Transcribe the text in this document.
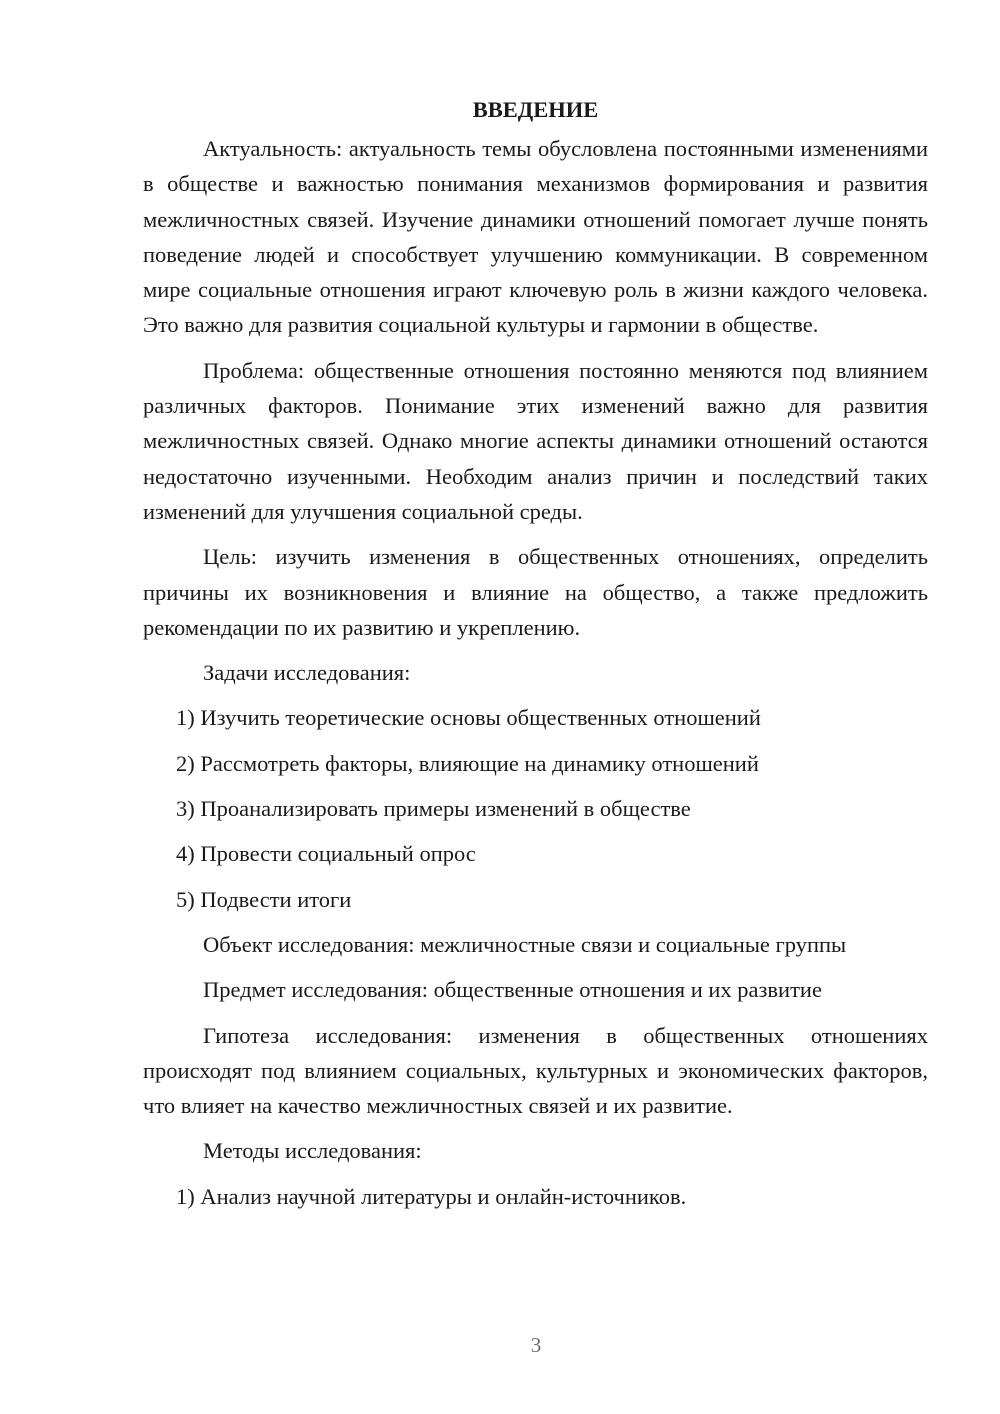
ВВЕДЕНИЕ
Актуальность: актуальность темы обусловлена постоянными изменениями в обществе и важностью понимания механизмов формирования и развития межличностных связей. Изучение динамики отношений помогает лучше понять поведение людей и способствует улучшению коммуникации. В современном мире социальные отношения играют ключевую роль в жизни каждого человека. Это важно для развития социальной культуры и гармонии в обществе.
Проблема: общественные отношения постоянно меняются под влиянием различных факторов. Понимание этих изменений важно для развития межличностных связей. Однако многие аспекты динамики отношений остаются недостаточно изученными. Необходим анализ причин и последствий таких изменений для улучшения социальной среды.
Цель: изучить изменения в общественных отношениях, определить причины их возникновения и влияние на общество, а также предложить рекомендации по их развитию и укреплению.
Задачи исследования:
1) Изучить теоретические основы общественных отношений
2) Рассмотреть факторы, влияющие на динамику отношений
3) Проанализировать примеры изменений в обществе
4) Провести социальный опрос
5) Подвести итоги
Объект исследования: межличностные связи и социальные группы
Предмет исследования: общественные отношения и их развитие
Гипотеза исследования: изменения в общественных отношениях происходят под влиянием социальных, культурных и экономических факторов, что влияет на качество межличностных связей и их развитие.
Методы исследования:
1) Анализ научной литературы и онлайн-источников.
3
